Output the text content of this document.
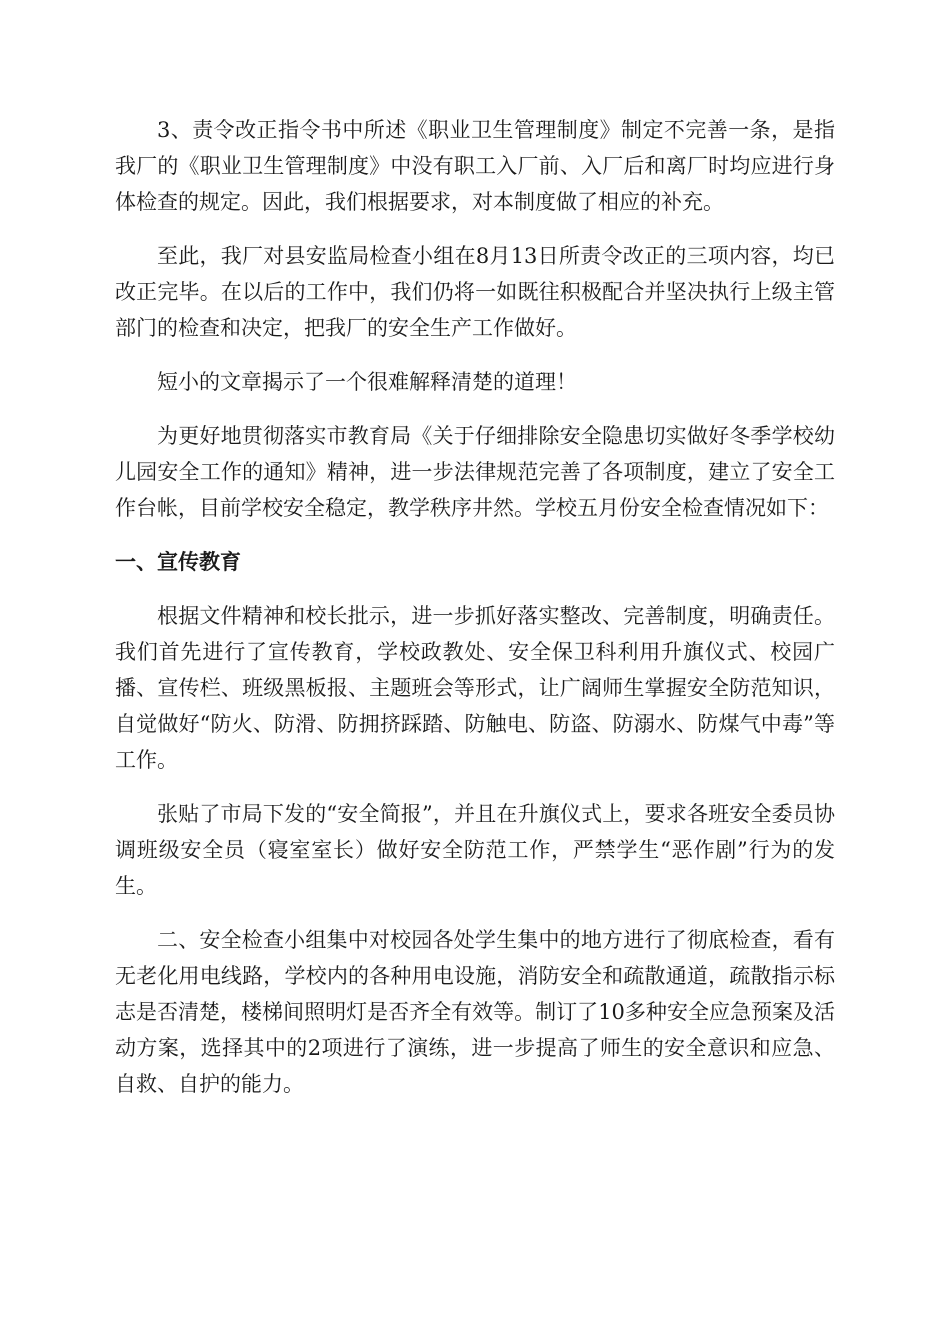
3、责令改正指令书中所述《职业卫生管理制度》制定不完善一条，是指我厂的《职业卫生管理制度》中没有职工入厂前、入厂后和离厂时均应进行身体检查的规定。因此，我们根据要求，对本制度做了相应的补充。

至此，我厂对县安监局检查小组在8月13日所责令改正的三项内容，均已改正完毕。在以后的工作中，我们仍将一如既往积极配合并坚决执行上级主管部门的检查和决定，把我厂的安全生产工作做好。

短小的文章揭示了一个很难解释清楚的道理！

为更好地贯彻落实市教育局《关于仔细排除安全隐患切实做好冬季学校幼儿园安全工作的通知》精神，进一步法律规范完善了各项制度，建立了安全工作台帐，目前学校安全稳定，教学秩序井然。学校五月份安全检查情况如下：

一、宣传教育

根据文件精神和校长批示，进一步抓好落实整改、完善制度，明确责任。我们首先进行了宣传教育，学校政教处、安全保卫科利用升旗仪式、校园广播、宣传栏、班级黑板报、主题班会等形式，让广阔师生掌握安全防范知识，自觉做好“防火、防滑、防拥挤踩踏、防触电、防盗、防溺水、防煤气中毒”等工作。

张贴了市局下发的“安全简报”，并且在升旗仪式上，要求各班安全委员协调班级安全员（寝室室长）做好安全防范工作，严禁学生“恶作剧”行为的发生。

二、安全检查小组集中对校园各处学生集中的地方进行了彻底检查，看有无老化用电线路，学校内的各种用电设施，消防安全和疏散通道，疏散指示标志是否清楚，楼梯间照明灯是否齐全有效等。制订了10多种安全应急预案及活动方案，选择其中的2项进行了演练，进一步提高了师生的安全意识和应急、自救、自护的能力。
